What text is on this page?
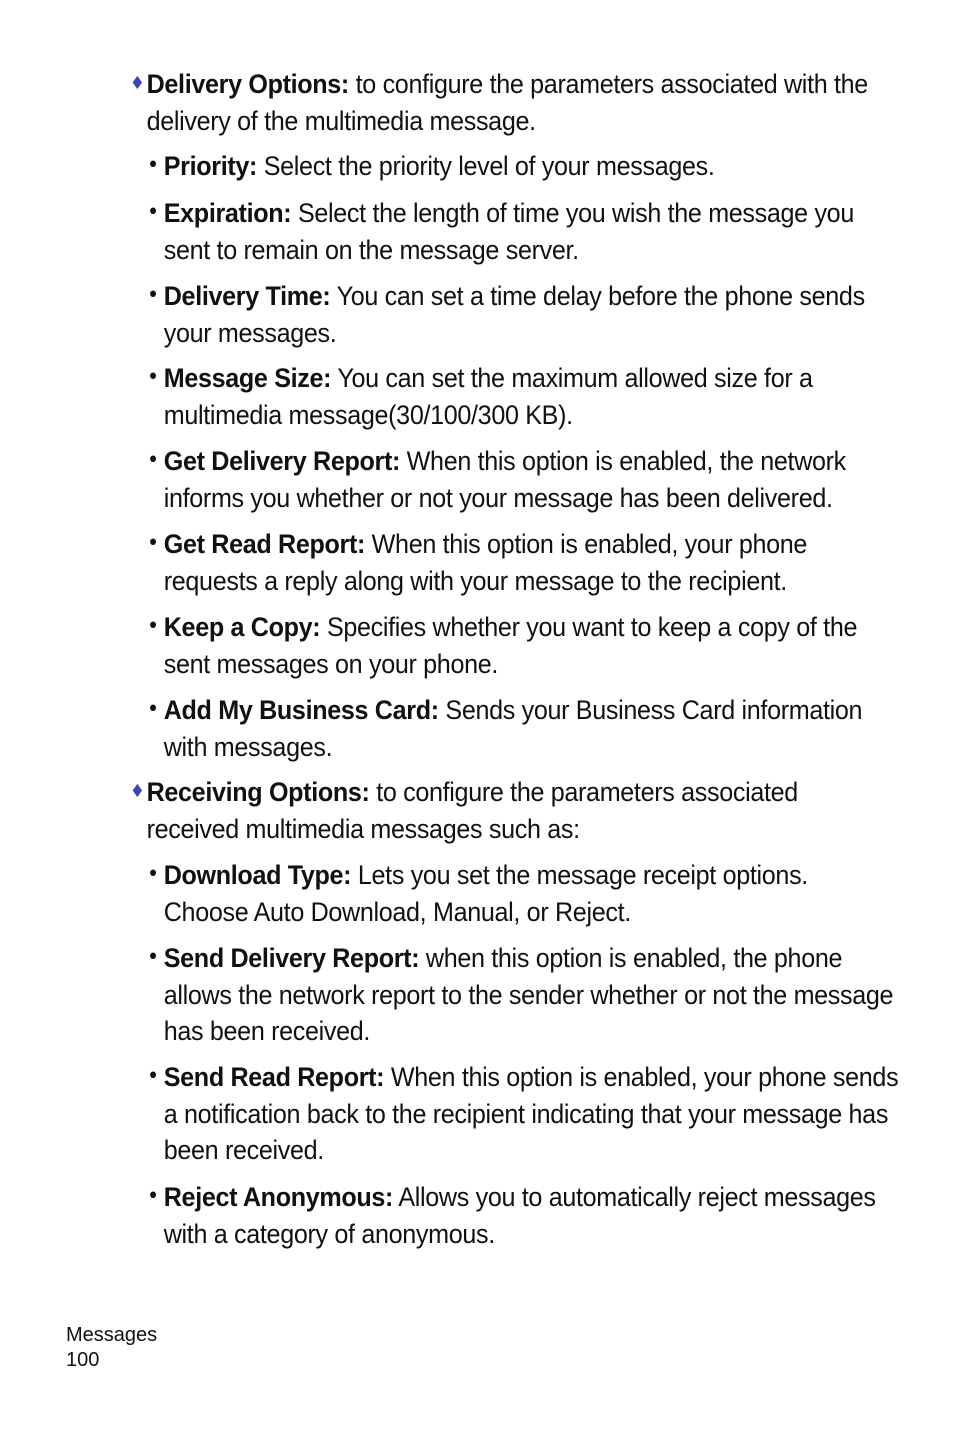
♦ Delivery Options: to configure the parameters associated with the delivery of the multimedia message.
• Priority: Select the priority level of your messages.
• Expiration: Select the length of time you wish the message you sent to remain on the message server.
• Delivery Time: You can set a time delay before the phone sends your messages.
• Message Size: You can set the maximum allowed size for a multimedia message(30/100/300 KB).
• Get Delivery Report: When this option is enabled, the network informs you whether or not your message has been delivered.
• Get Read Report: When this option is enabled, your phone requests a reply along with your message to the recipient.
• Keep a Copy: Specifies whether you want to keep a copy of the sent messages on your phone.
• Add My Business Card: Sends your Business Card information with messages.
♦ Receiving Options: to configure the parameters associated received multimedia messages such as:
• Download Type: Lets you set the message receipt options. Choose Auto Download, Manual, or Reject.
• Send Delivery Report: when this option is enabled, the phone allows the network report to the sender whether or not the message has been received.
• Send Read Report: When this option is enabled, your phone sends a notification back to the recipient indicating that your message has been received.
• Reject Anonymous: Allows you to automatically reject messages with a category of anonymous.
Messages
100
